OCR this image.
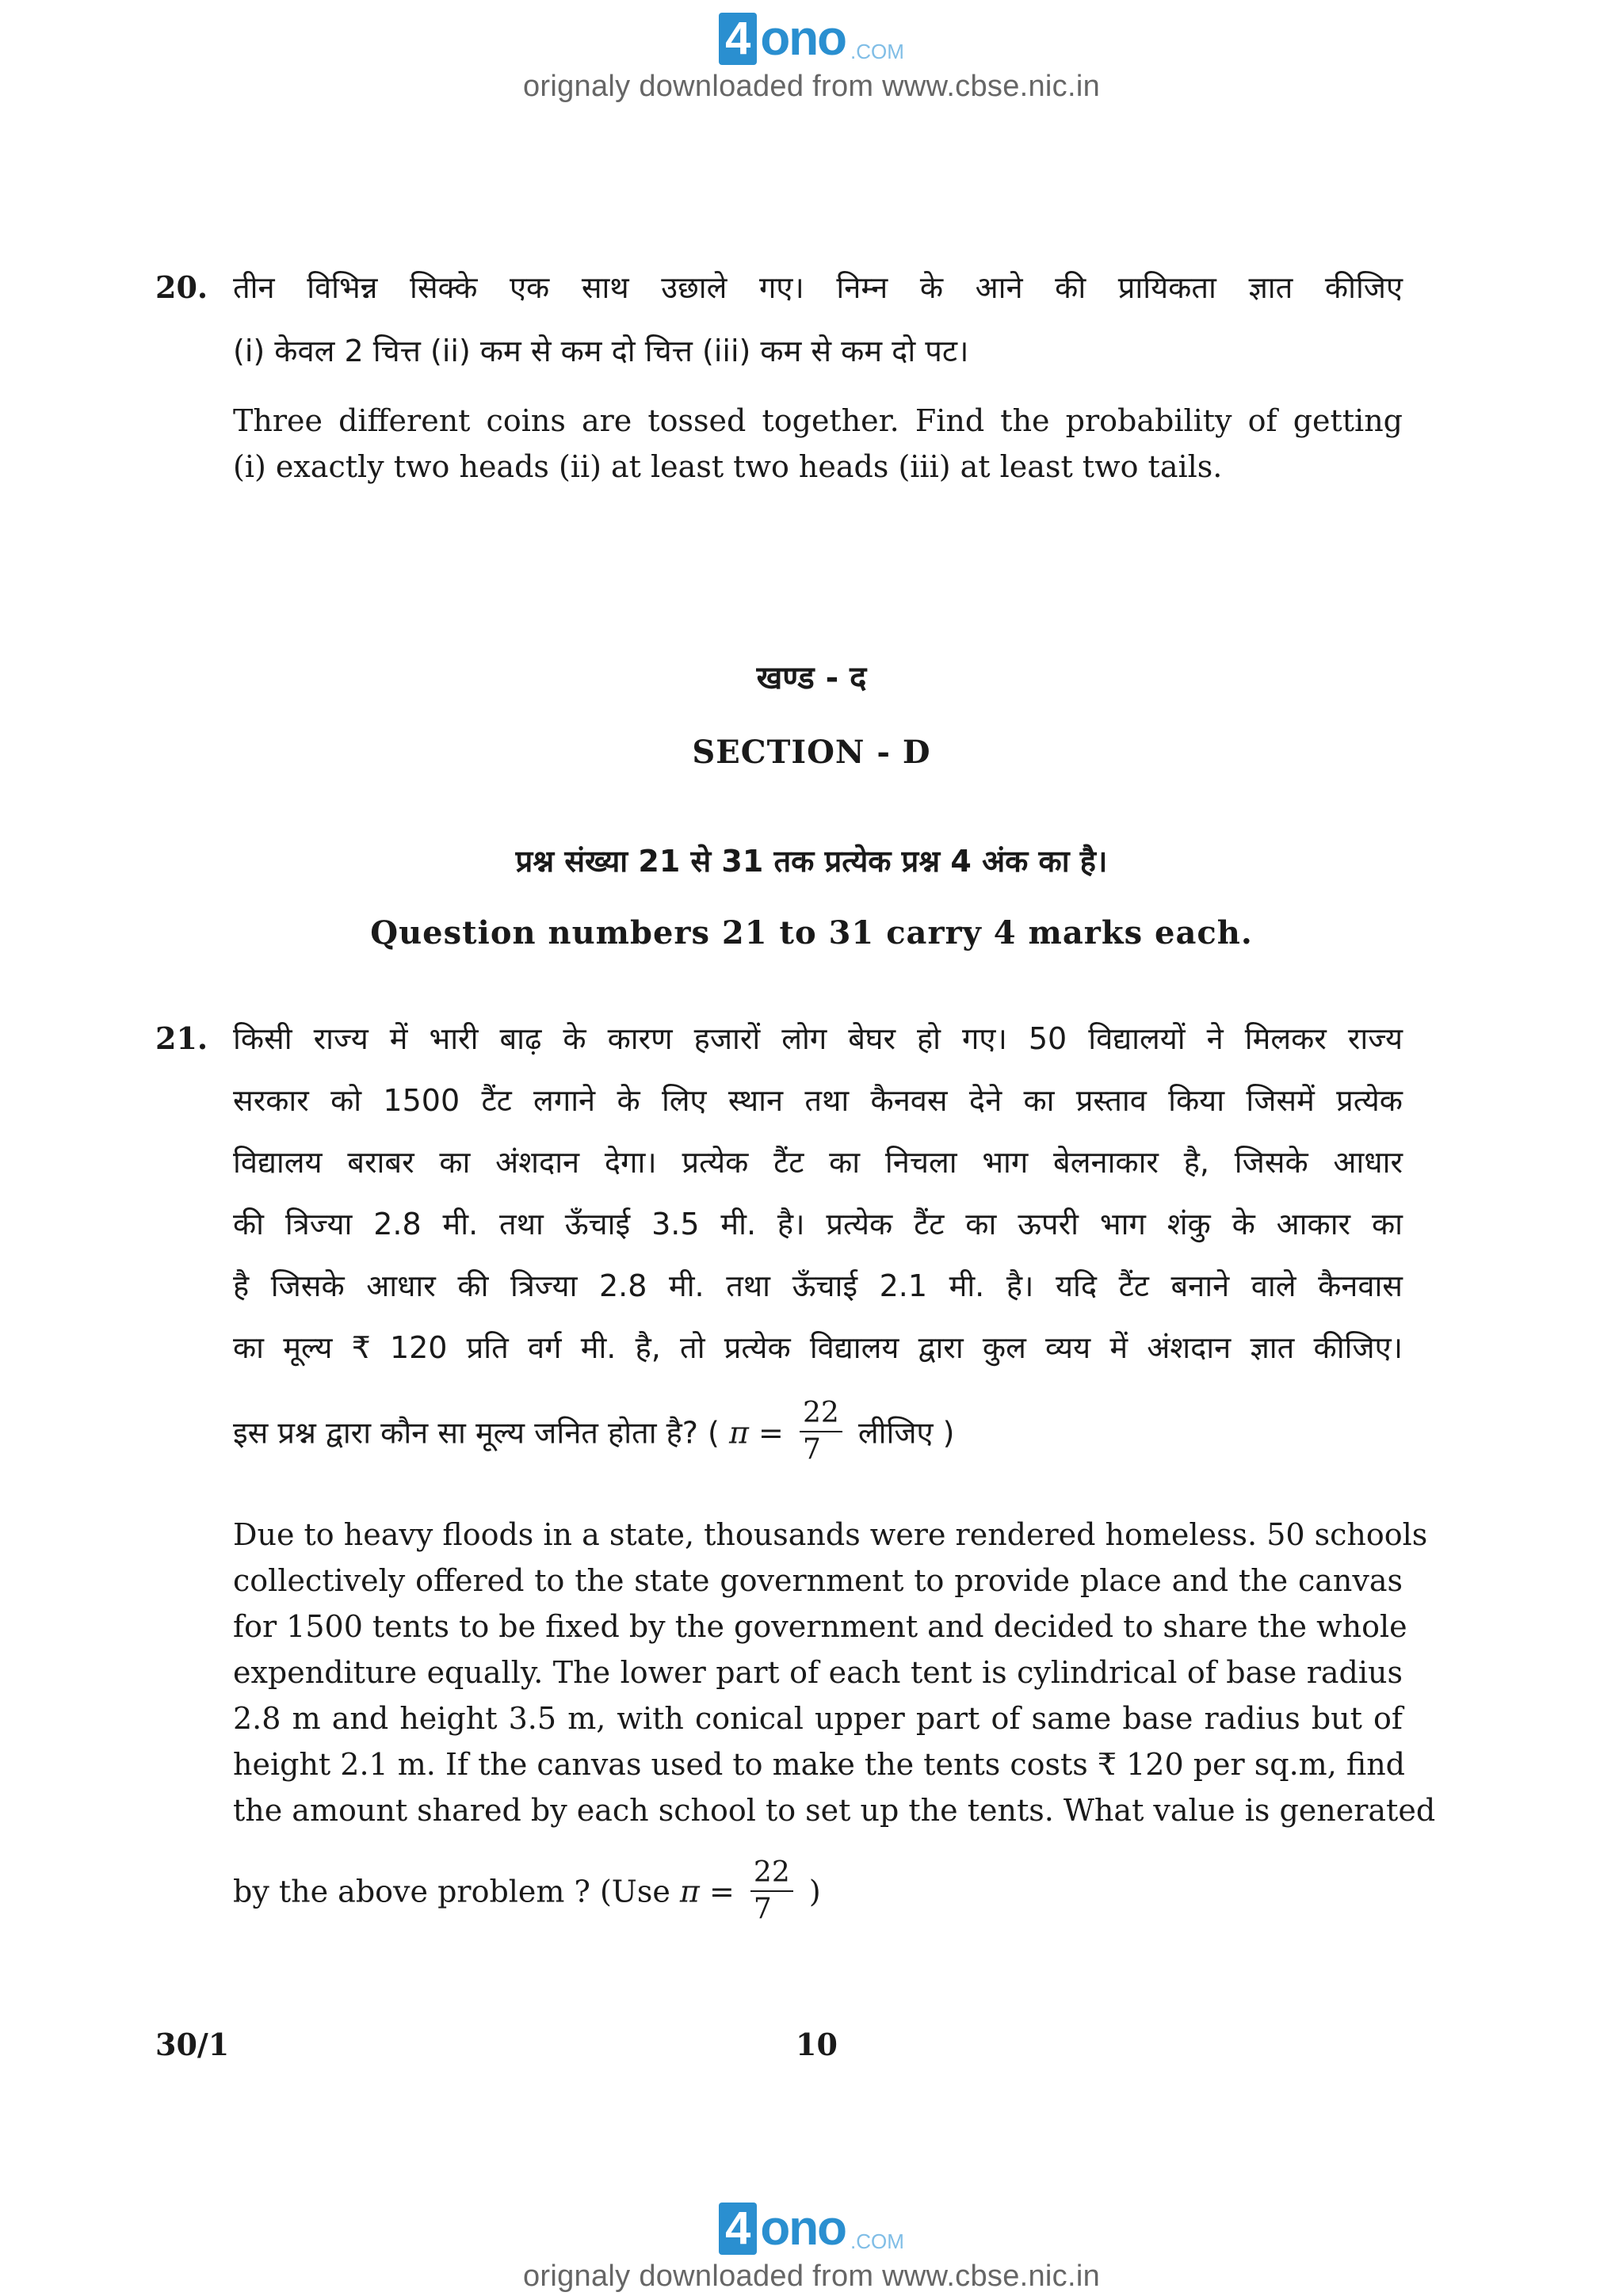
4 ono .COM
orignaly downloaded from www.cbse.nic.in
20. तीन विभिन्न सिक्के एक साथ उछाले गए। निम्न के आने की प्रायिकता ज्ञात कीजिए
(i) केवल 2 चित्त (ii) कम से कम दो चित्त (iii) कम से कम दो पट।
Three different coins are tossed together. Find the probability of getting
(i) exactly two heads (ii) at least two heads (iii) at least two tails.
खण्ड - द
SECTION - D
प्रश्न संख्या 21 से 31 तक प्रत्येक प्रश्न 4 अंक का है।
Question numbers 21 to 31 carry 4 marks each.
21. किसी राज्य में भारी बाढ़ के कारण हजारों लोग बेघर हो गए। 50 विद्यालयों ने मिलकर राज्य
सरकार को 1500 टैंट लगाने के लिए स्थान तथा कैनवस देने का प्रस्ताव किया जिसमें प्रत्येक
विद्यालय बराबर का अंशदान देगा। प्रत्येक टैंट का निचला भाग बेलनाकार है, जिसके आधार
की त्रिज्या 2.8 मी. तथा ऊँचाई 3.5 मी. है। प्रत्येक टैंट का ऊपरी भाग शंकु के आकार का
है जिसके आधार की त्रिज्या 2.8 मी. तथा ऊँचाई 2.1 मी. है। यदि टैंट बनाने वाले कैनवास
का मूल्य ₹ 120 प्रति वर्ग मी. है, तो प्रत्येक विद्यालय द्वारा कुल व्यय में अंशदान ज्ञात कीजिए।
इस प्रश्न द्वारा कौन सा मूल्य जनित होता है? ( $\pi = \frac{22}{7}$ लीजिए )
Due to heavy floods in a state, thousands were rendered homeless. 50 schools
collectively offered to the state government to provide place and the canvas
for 1500 tents to be fixed by the government and decided to share the whole
expenditure equally. The lower part of each tent is cylindrical of base radius
2.8 m and height 3.5 m, with conical upper part of same base radius but of
height 2.1 m. If the canvas used to make the tents costs ₹ 120 per sq.m, find
the amount shared by each school to set up the tents. What value is generated
by the above problem ? (Use $\pi = \frac{22}{7}$ )
30/1	10
4 ono .COM
orignaly downloaded from www.cbse.nic.in
